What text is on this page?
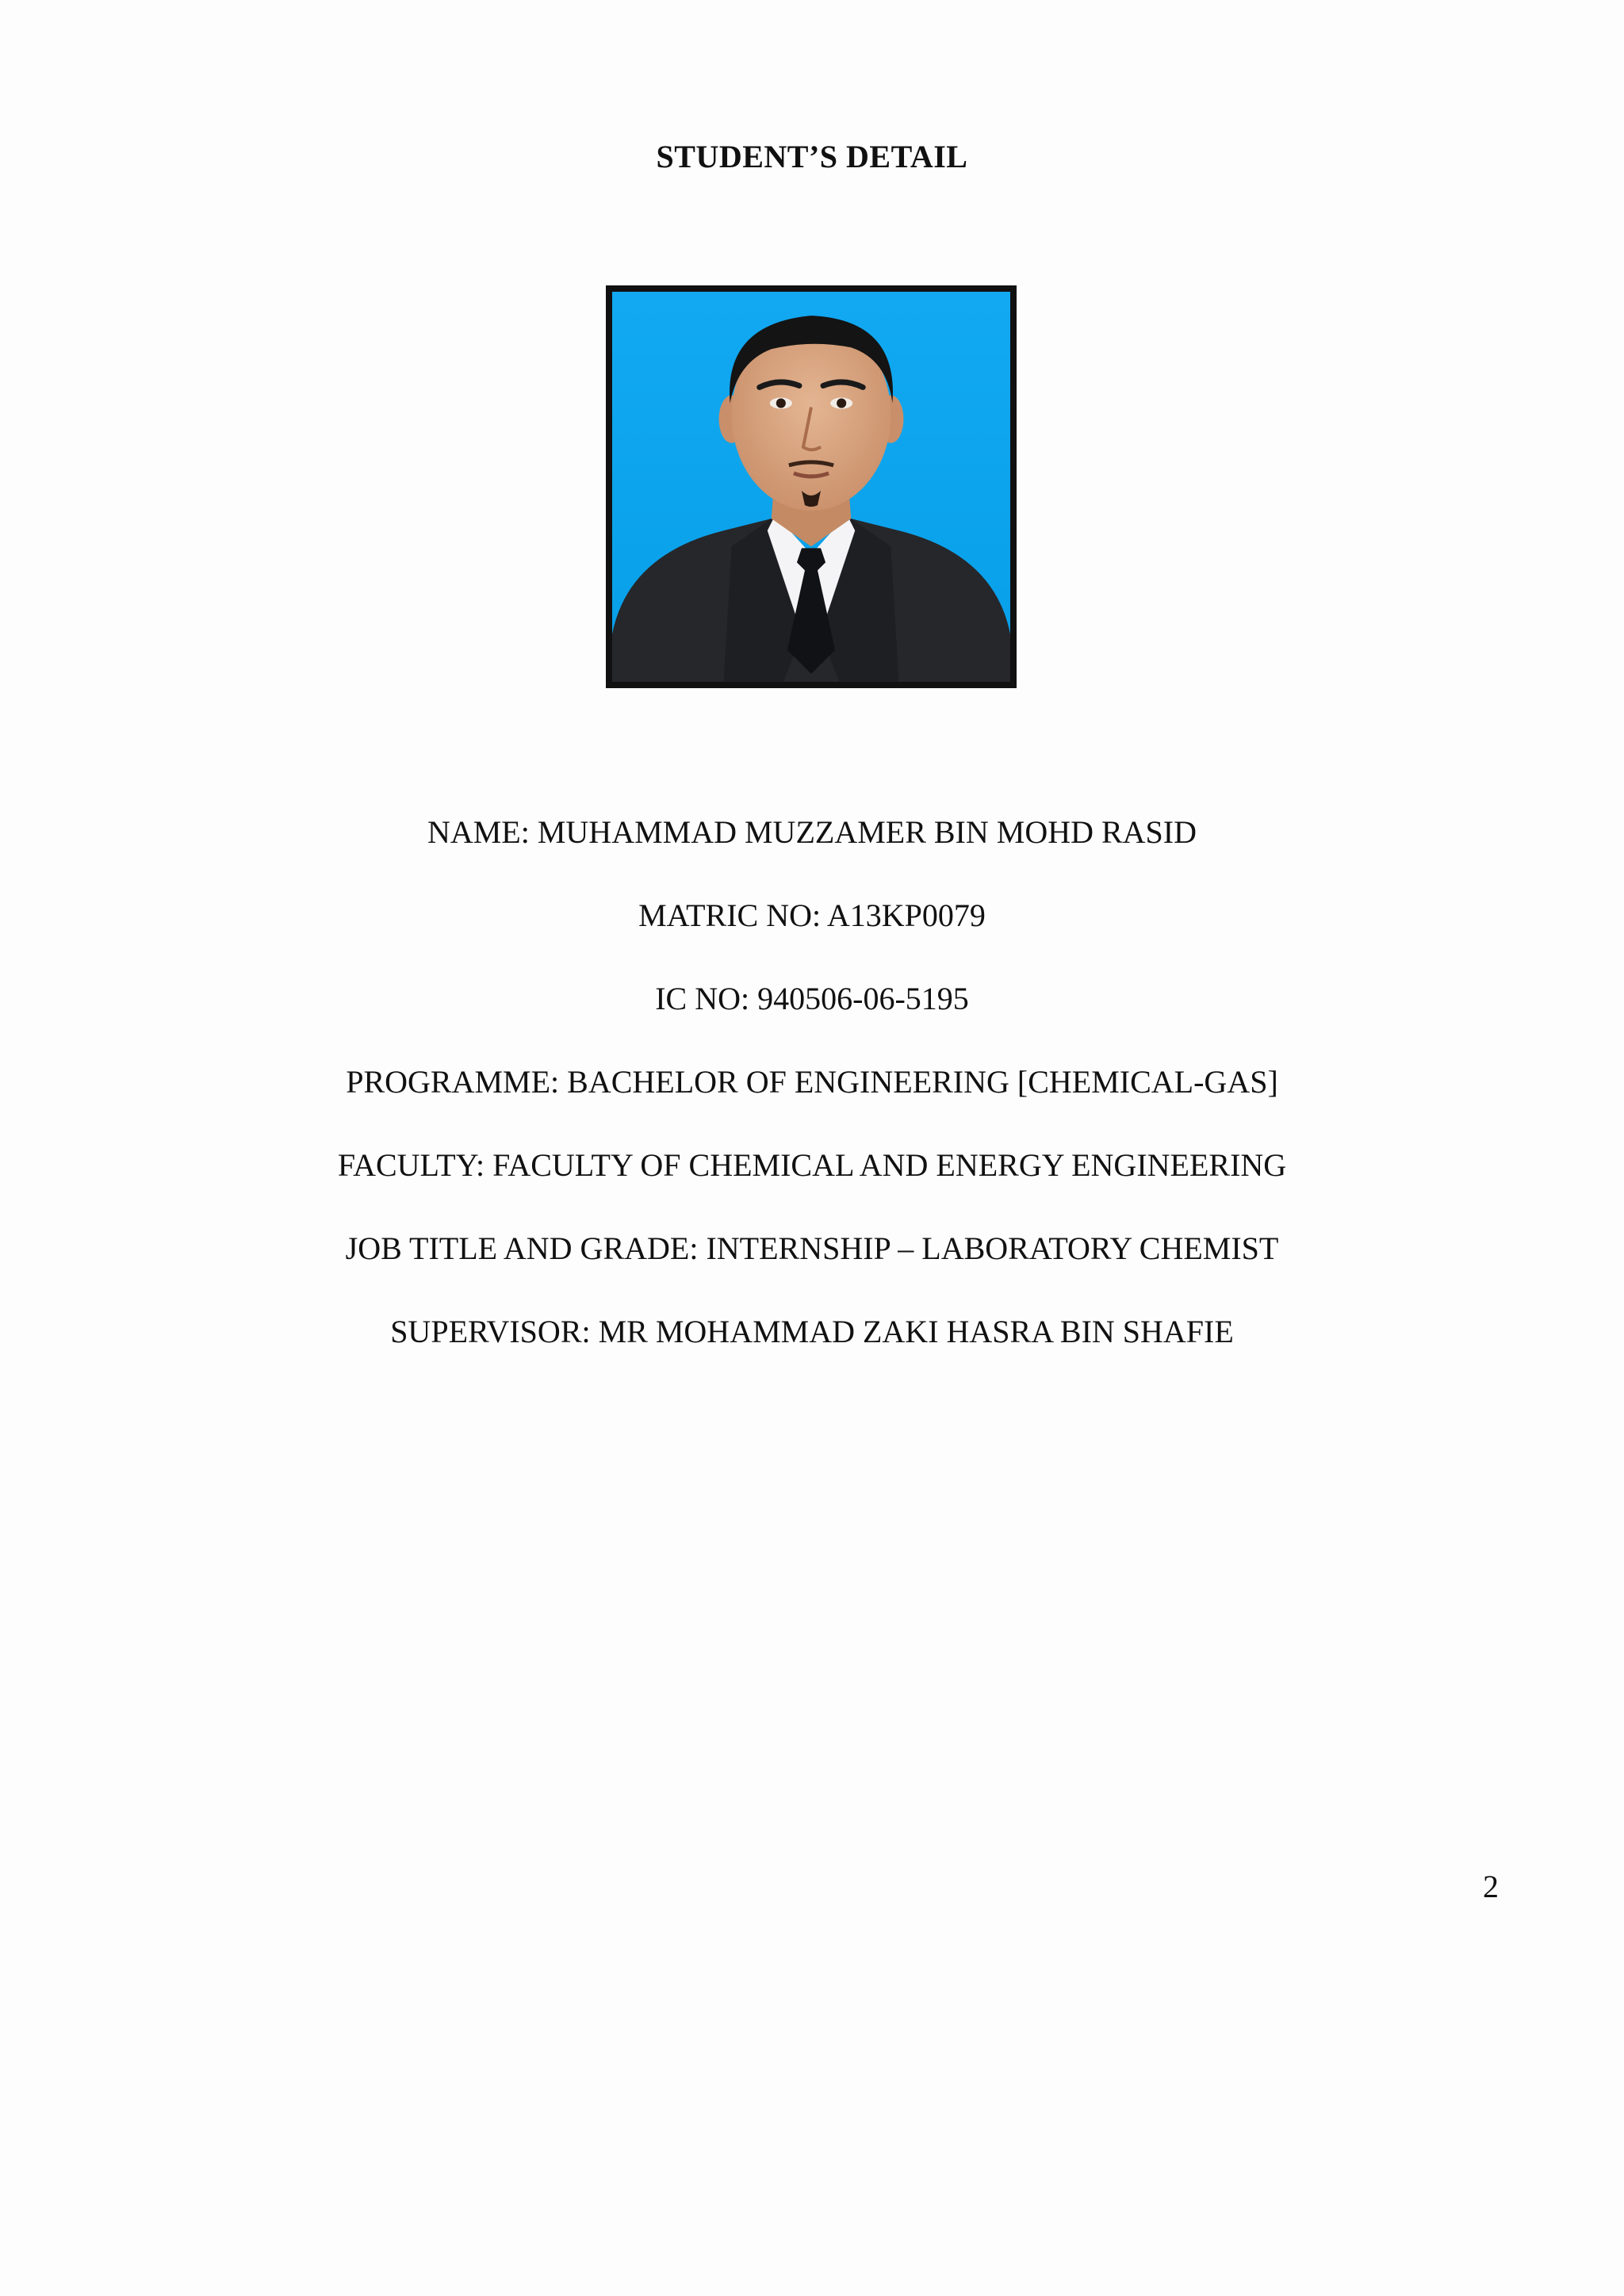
STUDENT’S DETAIL
NAME: MUHAMMAD MUZZAMER BIN MOHD RASID
MATRIC NO: A13KP0079
IC NO: 940506-06-5195
PROGRAMME: BACHELOR OF ENGINEERING [CHEMICAL-GAS]
FACULTY: FACULTY OF CHEMICAL AND ENERGY ENGINEERING
JOB TITLE AND GRADE: INTERNSHIP – LABORATORY CHEMIST
SUPERVISOR: MR MOHAMMAD ZAKI HASRA BIN SHAFIE
2
